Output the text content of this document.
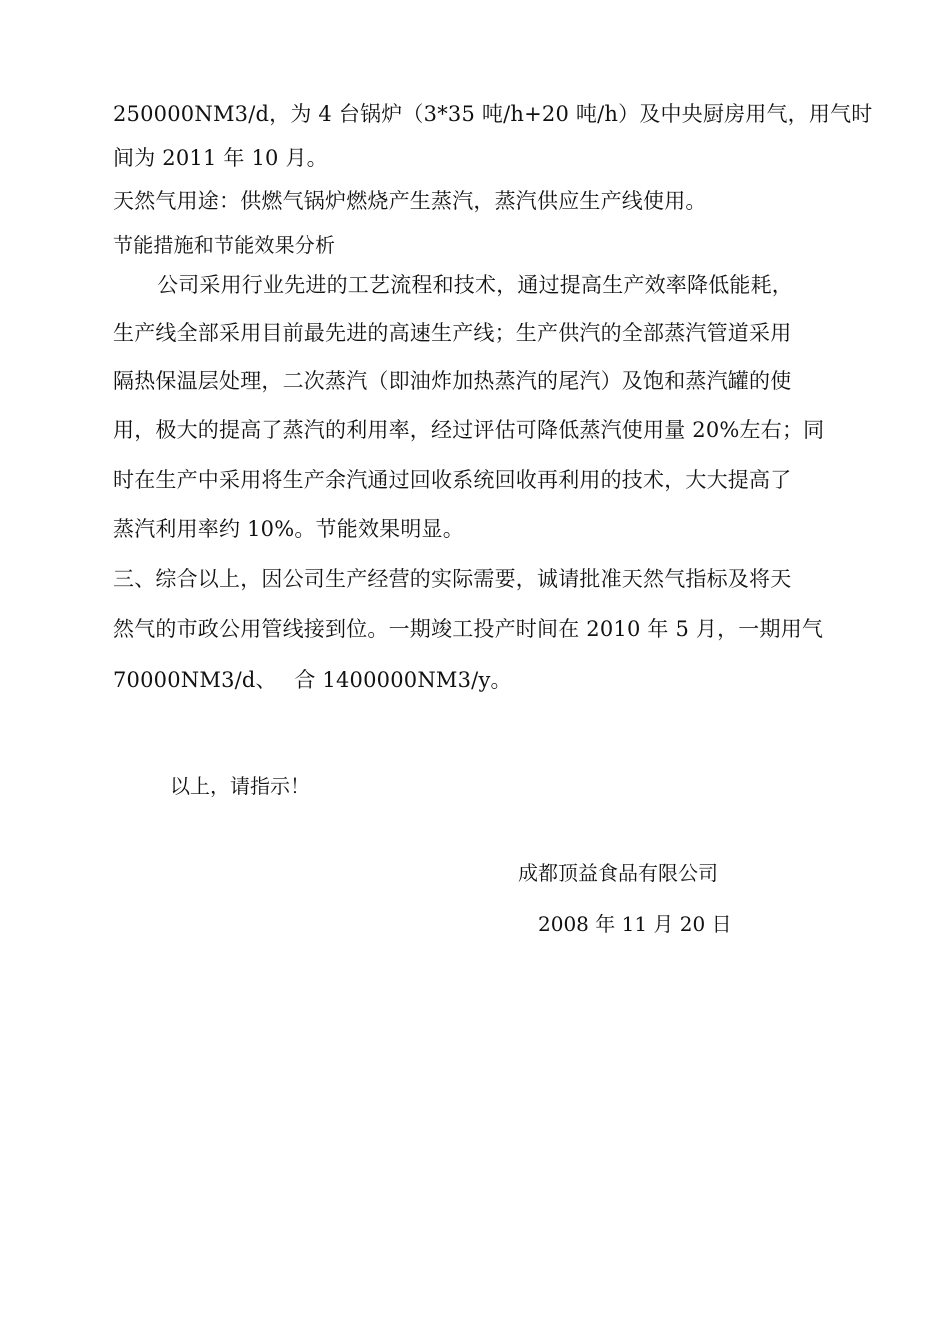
250000NM3/d，为 4 台锅炉（3*35 吨/h+20 吨/h）及中央厨房用气，用气时
间为 2011 年 10 月。
天然气用途：供燃气锅炉燃烧产生蒸汽，蒸汽供应生产线使用。
节能措施和节能效果分析
公司采用行业先进的工艺流程和技术，通过提高生产效率降低能耗，
生产线全部采用目前最先进的高速生产线；生产供汽的全部蒸汽管道采用
隔热保温层处理，二次蒸汽（即油炸加热蒸汽的尾汽）及饱和蒸汽罐的使
用，极大的提高了蒸汽的利用率，经过评估可降低蒸汽使用量 20%左右；同
时在生产中采用将生产余汽通过回收系统回收再利用的技术，大大提高了
蒸汽利用率约 10%。节能效果明显。
三、综合以上，因公司生产经营的实际需要，诚请批准天然气指标及将天
然气的市政公用管线接到位。一期竣工投产时间在 2010 年 5 月，一期用气
70000NM3/d、　 合 1400000NM3/y。
以上，请指示！
成都顶益食品有限公司
2008 年 11 月 20 日
